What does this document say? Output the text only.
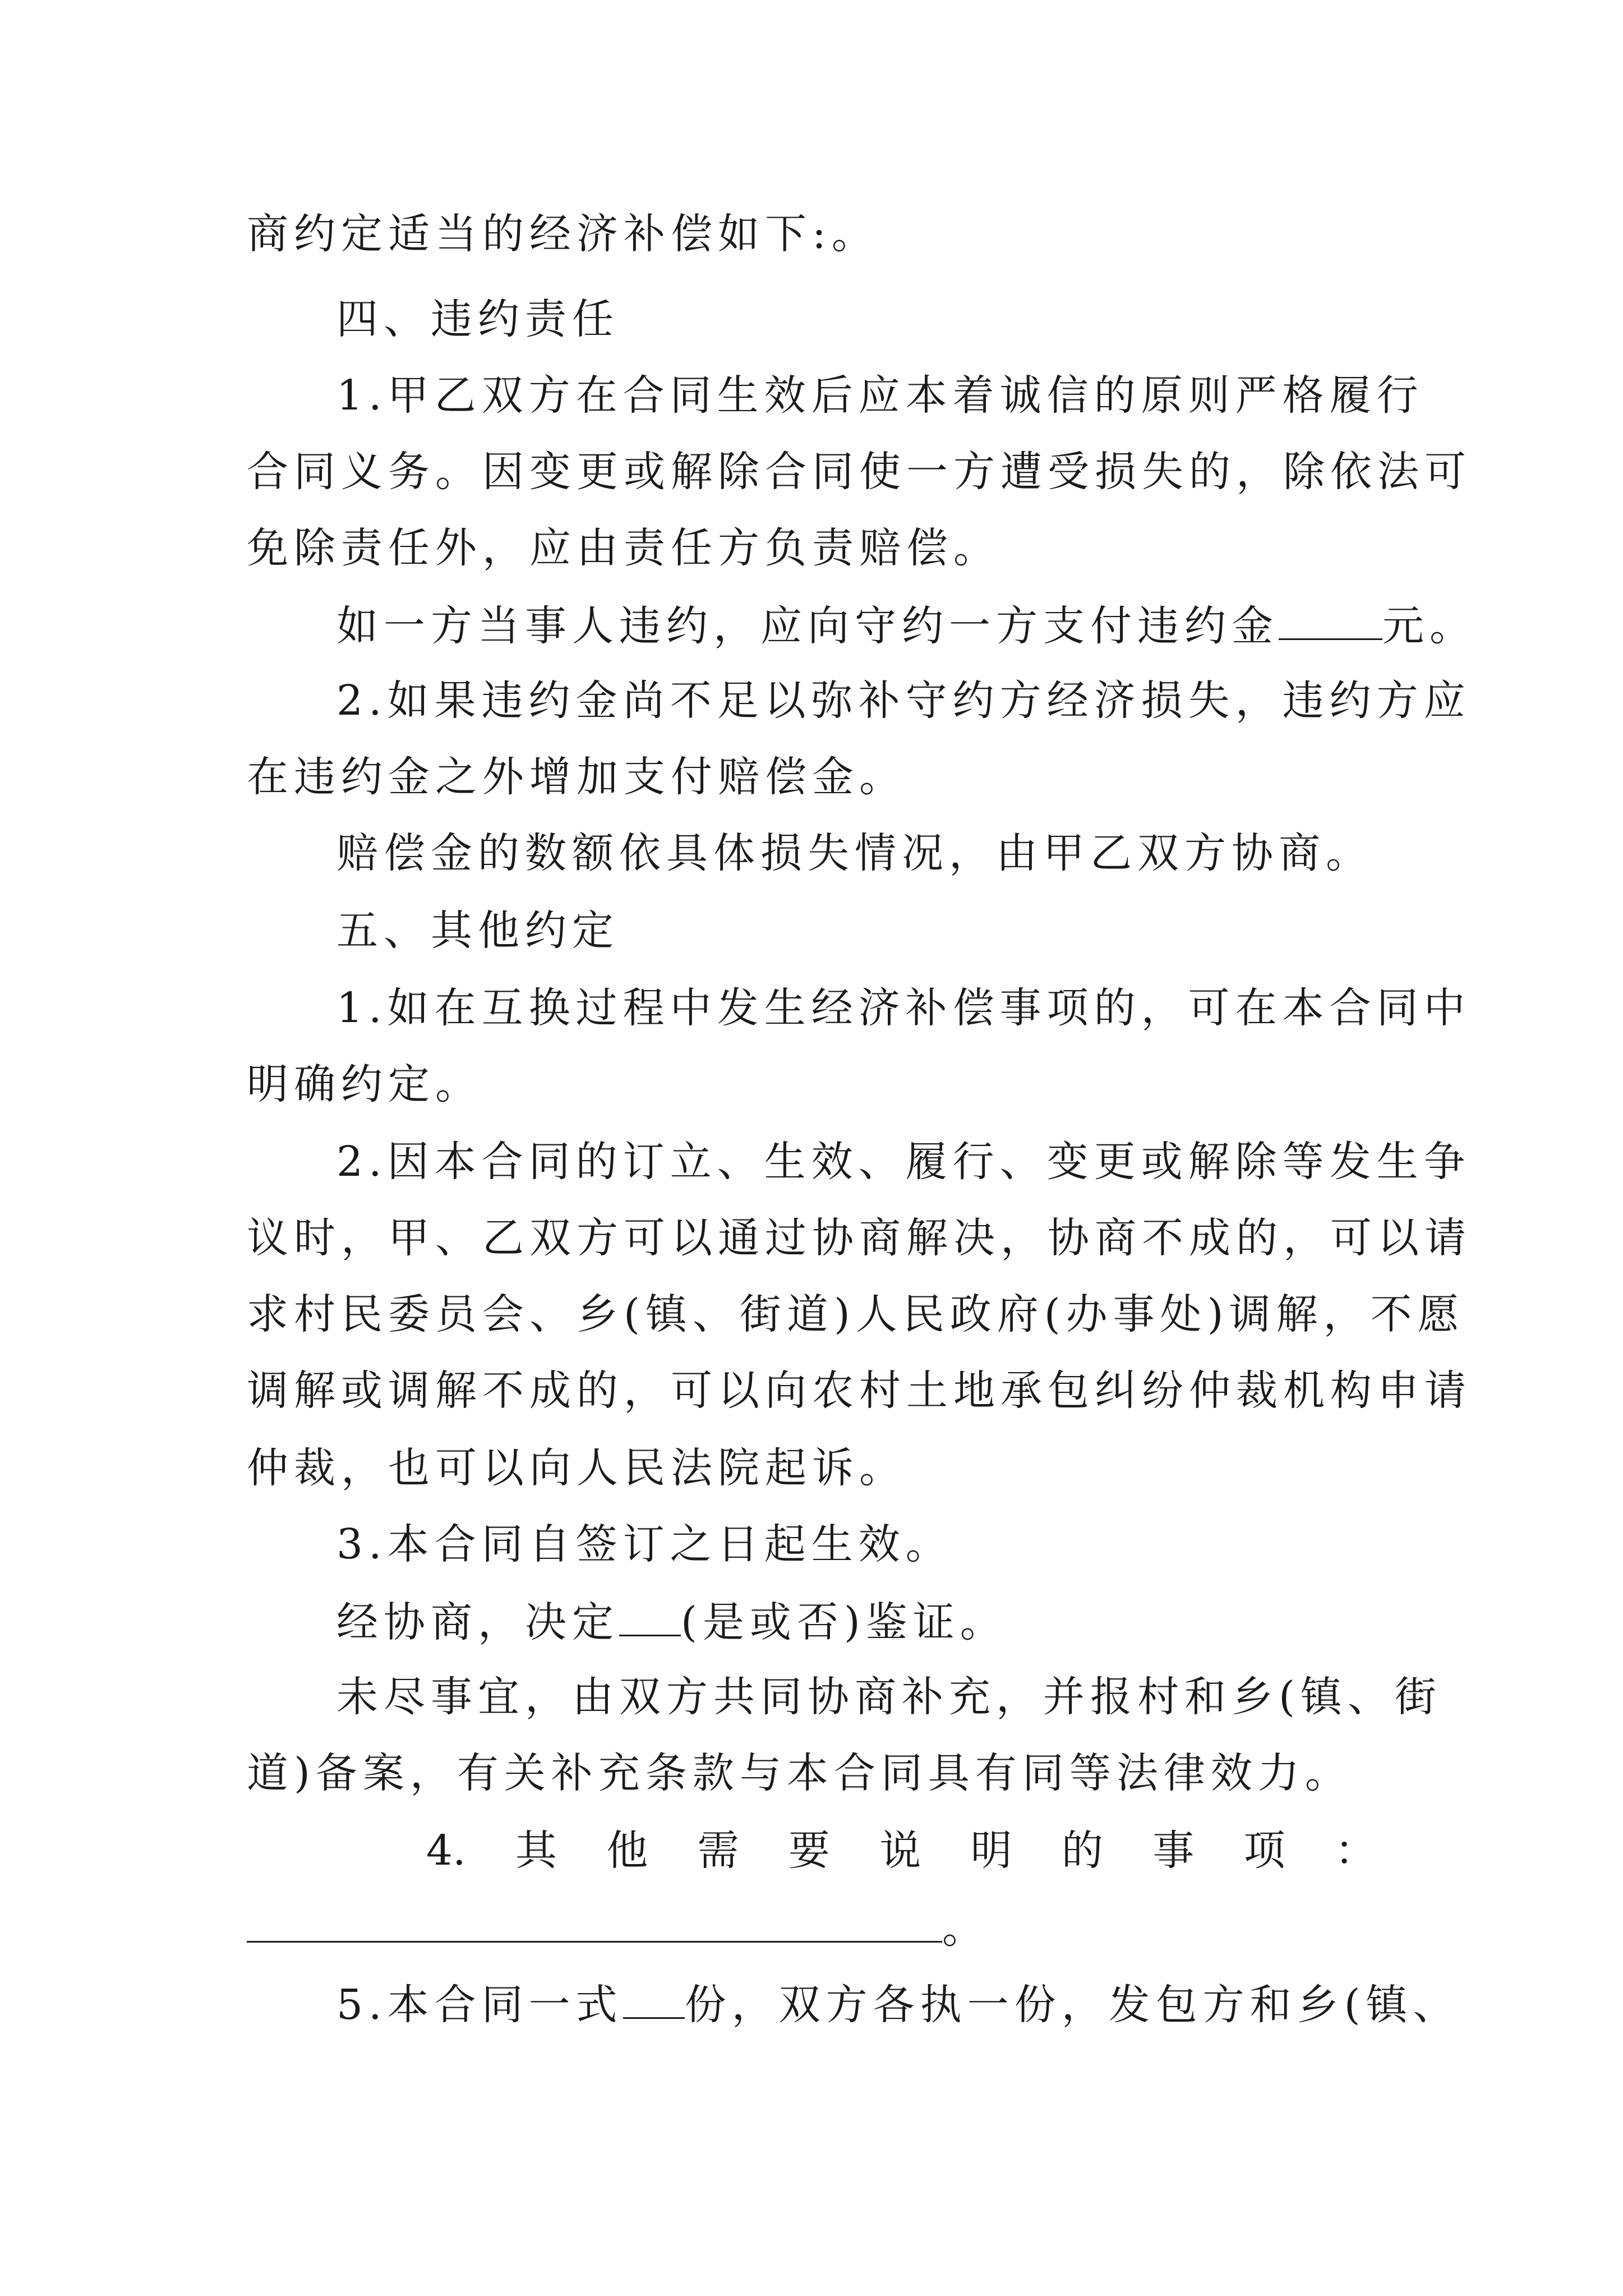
商约定适当的经济补偿如下:。
四、违约责任
1.甲乙双方在合同生效后应本着诚信的原则严格履行
合同义务。因变更或解除合同使一方遭受损失的，除依法可
免除责任外，应由责任方负责赔偿。
如一方当事人违约，应向守约一方支付违约金	元。
2.如果违约金尚不足以弥补守约方经济损失，违约方应
在违约金之外增加支付赔偿金。
赔偿金的数额依具体损失情况，由甲乙双方协商。
五、其他约定
1.如在互换过程中发生经济补偿事项的，可在本合同中
明确约定。
2.因本合同的订立、生效、履行、变更或解除等发生争
议时，甲、乙双方可以通过协商解决，协商不成的，可以请
求村民委员会、乡(镇、街道)人民政府(办事处)调解，不愿
调解或调解不成的，可以向农村土地承包纠纷仲裁机构申请
仲裁，也可以向人民法院起诉。
3.本合同自签订之日起生效。
经协商，决定 (是或否)鉴证。
未尽事宜，由双方共同协商补充，并报村和乡(镇、街
道)备案，有关补充条款与本合同具有同等法律效力。
4. 其 他 需 要 说 明 的 事 项 ：
。
5.本合同一式 份，双方各执一份，发包方和乡(镇、
